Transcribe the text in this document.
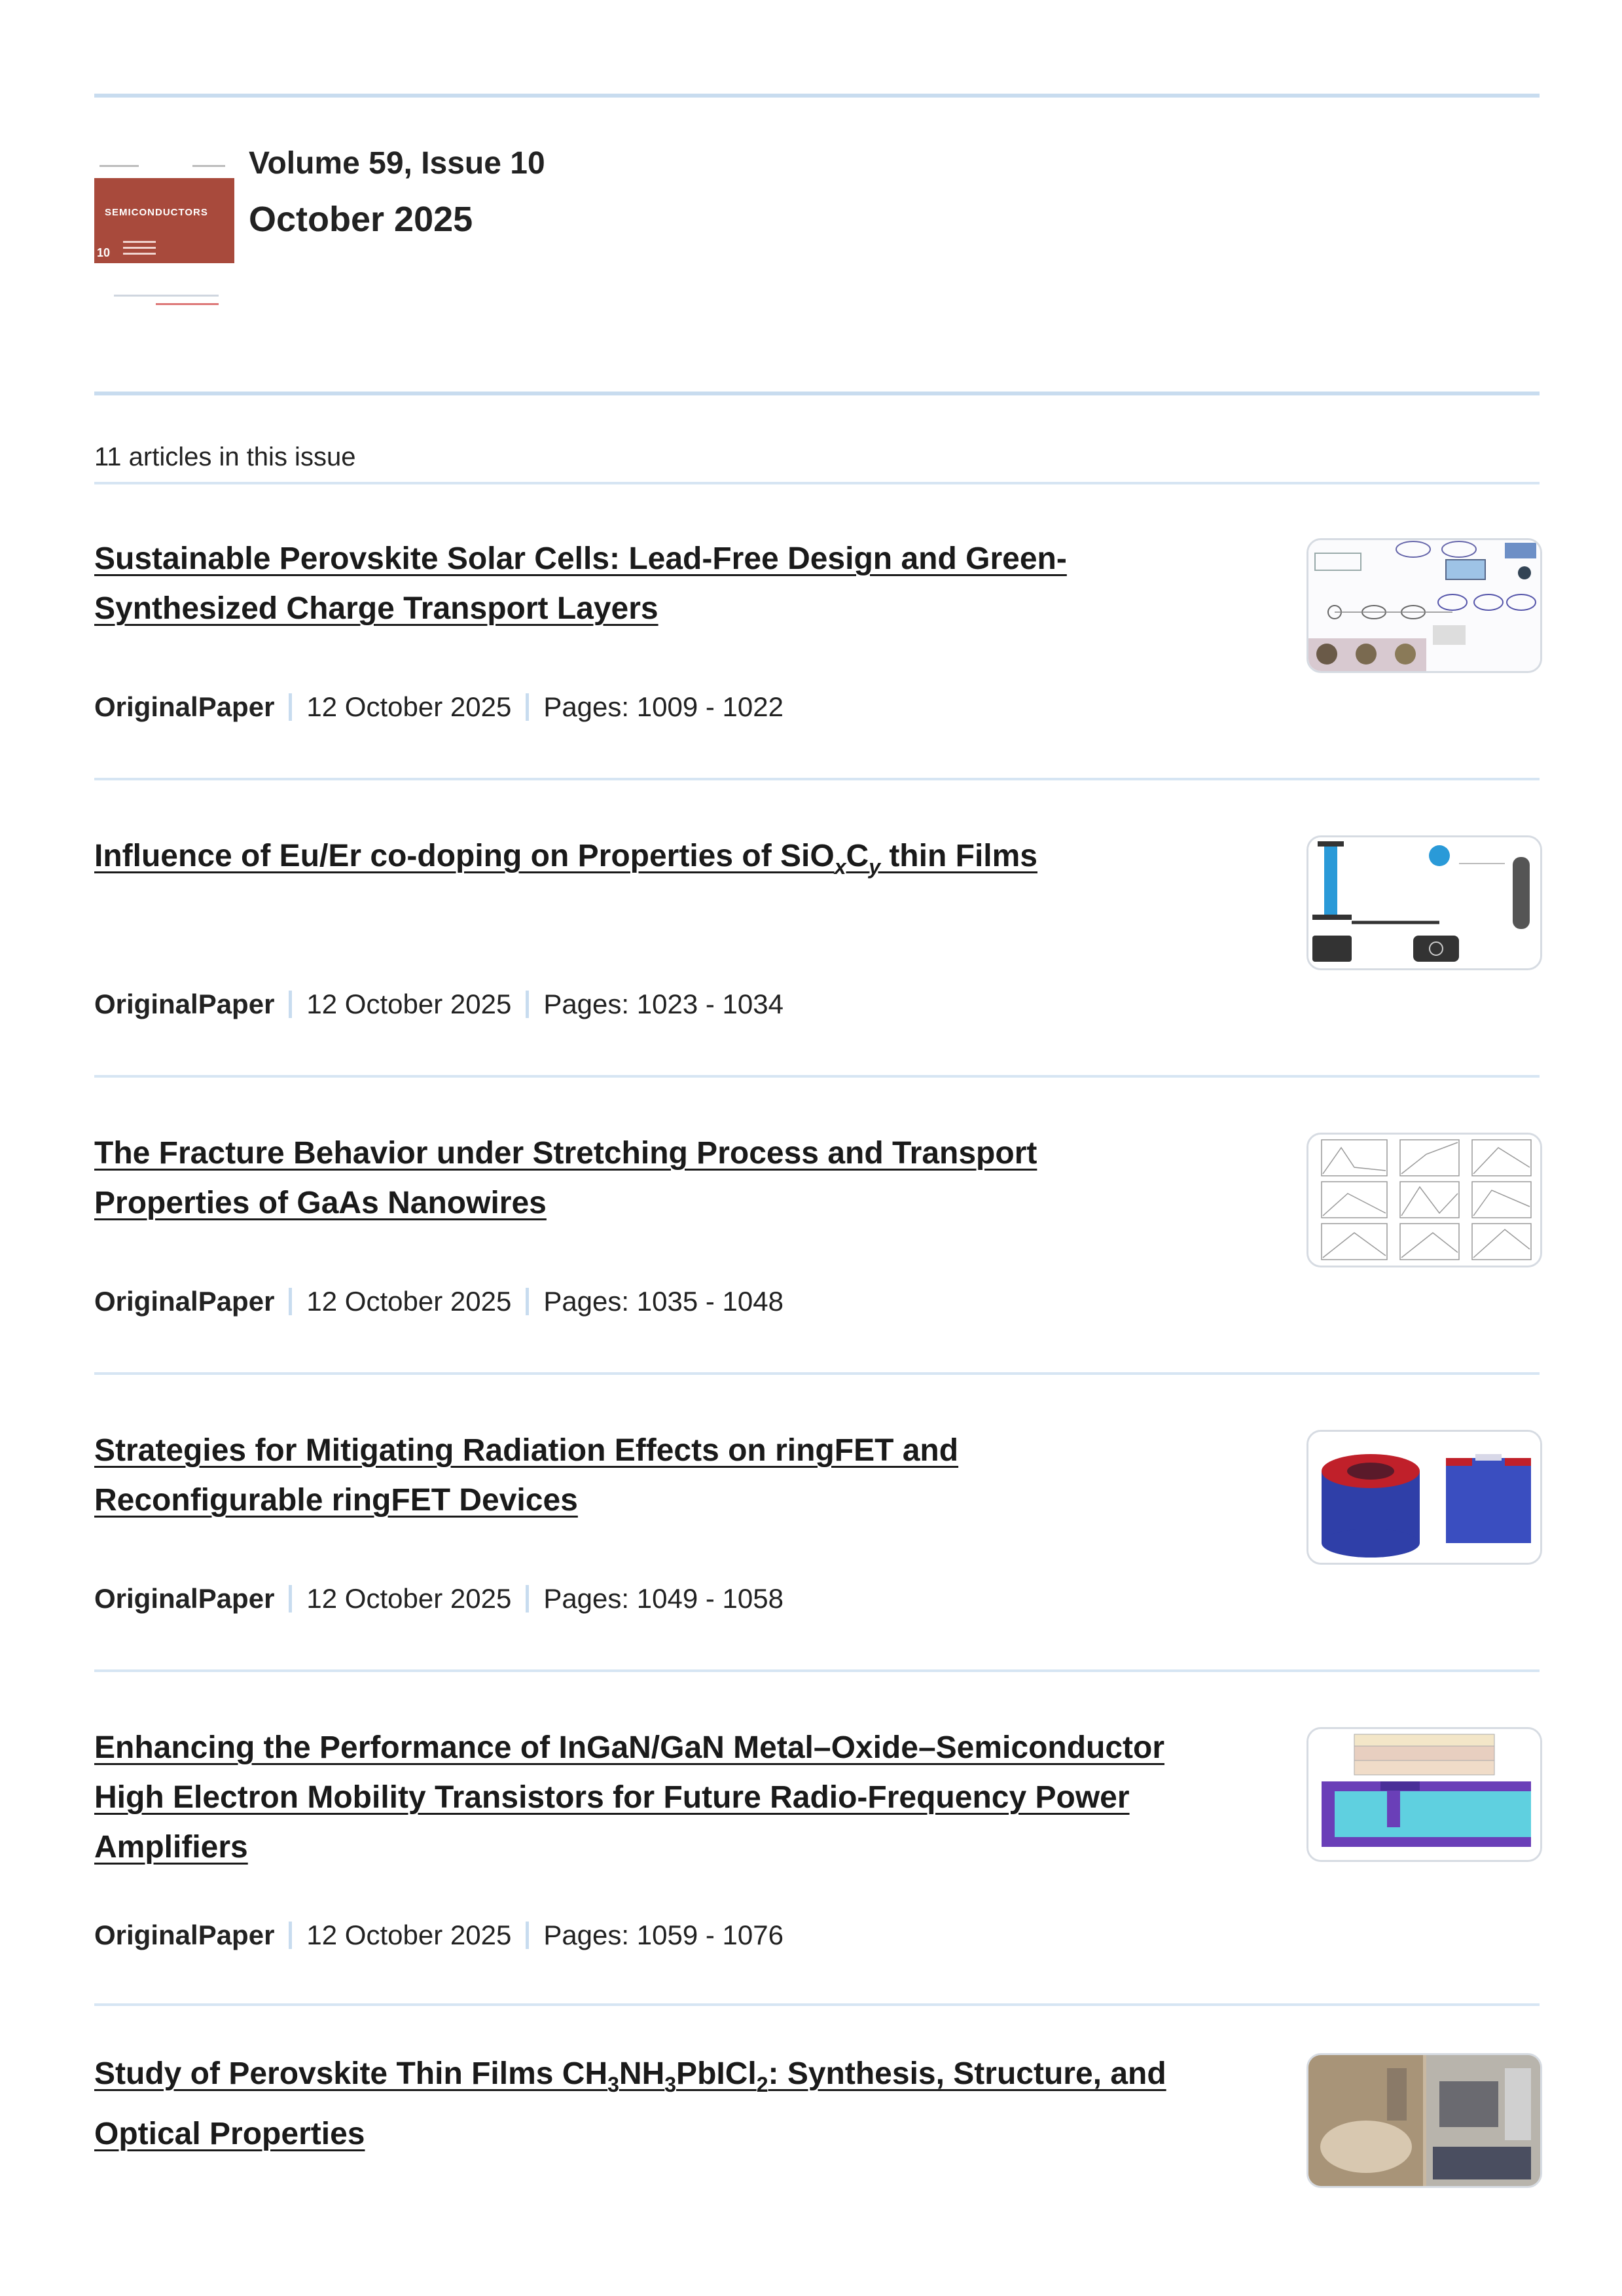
SEMICONDUCTORS
10
Volume 59, Issue 10
October 2025
11 articles in this issue
Sustainable Perovskite Solar Cells: Lead-Free Design and Green-
Synthesized Charge Transport Layers
OriginalPaper 12 October 2025 Pages: 1009 - 1022
Influence of Eu/Er co-doping on Properties of $SiO_xC_y$ thin Films
OriginalPaper 12 October 2025 Pages: 1023 - 1034
The Fracture Behavior under Stretching Process and Transport
Properties of GaAs Nanowires
OriginalPaper 12 October 2025 Pages: 1035 - 1048
Strategies for Mitigating Radiation Effects on ringFET and
Reconfigurable ringFET Devices
OriginalPaper 12 October 2025 Pages: 1049 - 1058
Enhancing the Performance of InGaN/GaN Metal–Oxide–Semiconductor
High Electron Mobility Transistors for Future Radio-Frequency Power
Amplifiers
OriginalPaper 12 October 2025 Pages: 1059 - 1076
Study of Perovskite Thin Films $CH_3NH_3PbICl_2$: Synthesis, Structure, and
Optical Properties
